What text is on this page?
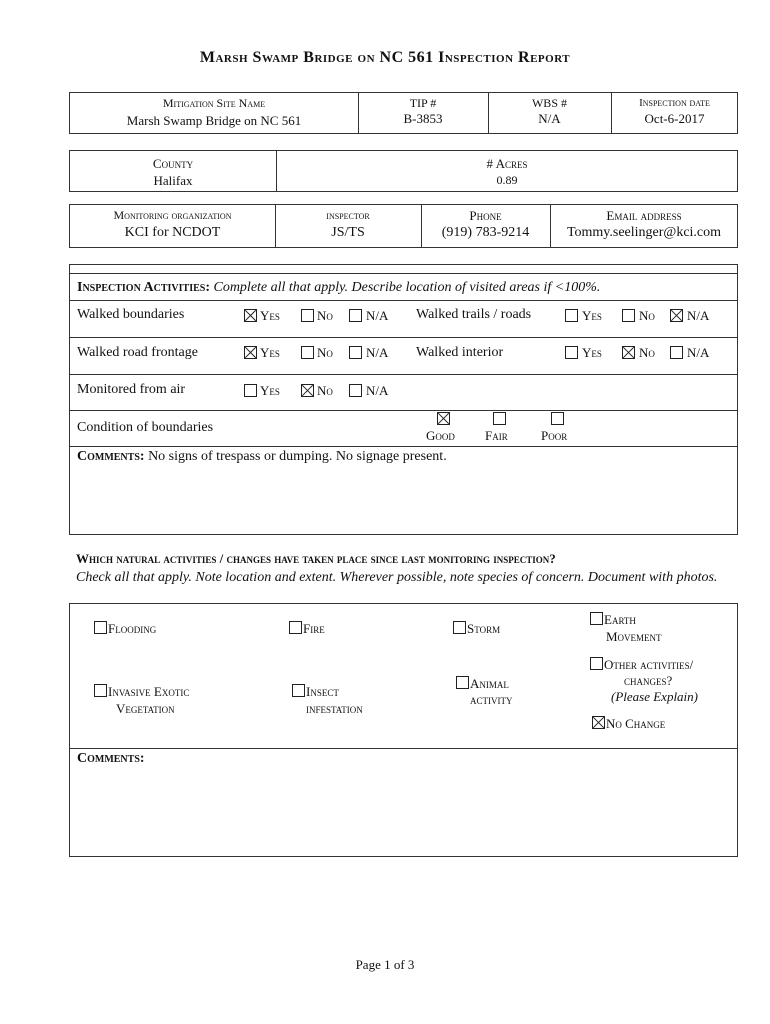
Marsh Swamp Bridge on NC 561 Inspection Report
Mitigation Site Name
Marsh Swamp Bridge on NC 561
TIP #
B-3853
WBS #
N/A
Inspection date
Oct-6-2017
County
Halifax
# Acres
0.89
Monitoring organization
KCI for NCDOT
inspector
JS/TS
Phone
(919) 783-9214
Email address
Tommy.seelinger@kci.com
Inspection Activities: Complete all that apply. Describe location of visited areas if <100%.
Walked boundaries	Yes	No	N/A Walked trails / roads	Yes	No N/A
Walked road frontage	Yes	No	N/A Walked interior	Yes	No N/A
Monitored from air	Yes	No	N/A
Condition of boundaries
Good Fair	Poor
Comments: No signs of trespass or dumping. No signage present.
Which natural activities / changes have taken place since last monitoring inspection?
Check all that apply. Note location and extent. Wherever possible, note species of concern. Document with photos.
Flooding	Fire	Storm
Earth
Movement
Invasive Exotic
Vegetation
Insect
infestation
Animal
activity
Other activities/
changes?
(Please Explain)
No Change
Comments:
Page 1 of 3
